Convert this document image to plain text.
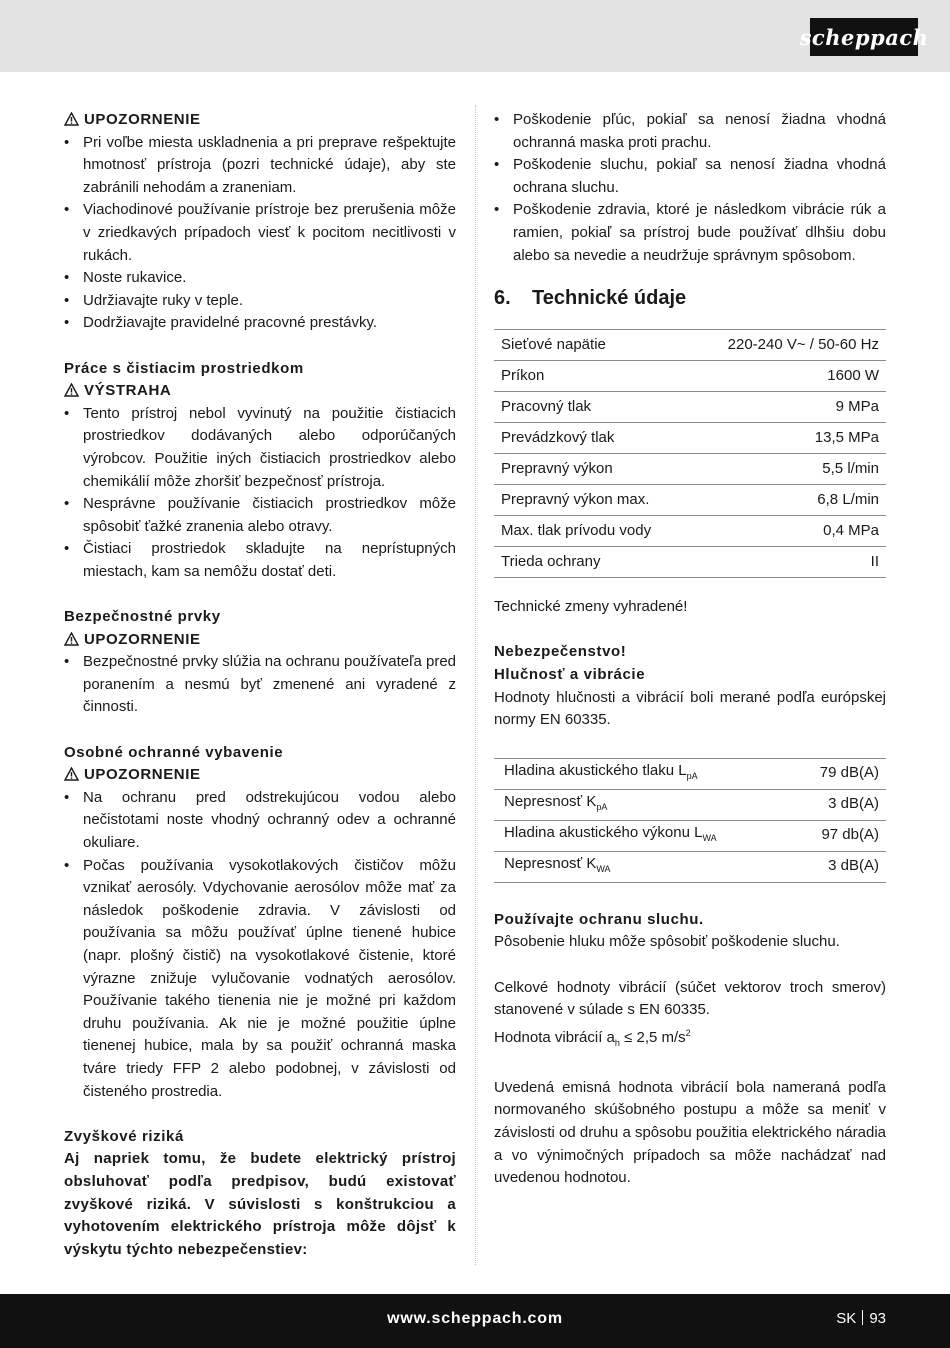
scheppach
UPOZORNENIE
• Pri voľbe miesta uskladnenia a pri preprave rešpektujte hmotnosť prístroja (pozri technické údaje), aby ste zabránili nehodám a zraneniam.
• Viachodinové používanie prístroje bez prerušenia môže v zriedkavých prípadoch viesť k pocitom necitlivosti v rukách.
• Noste rukavice.
• Udržiavajte ruky v teple.
• Dodržiavajte pravidelné pracovné prestávky.
Práce s čistiacim prostriedkom
VÝSTRAHA
• Tento prístroj nebol vyvinutý na použitie čistiacich prostriedkov dodávaných alebo odporúčaných výrobcov. Použitie iných čistiacich prostriedkov alebo chemikálií môže zhoršiť bezpečnosť prístroja.
• Nesprávne používanie čistiacich prostriedkov môže spôsobiť ťažké zranenia alebo otravy.
• Čistiaci prostriedok skladujte na neprístupných miestach, kam sa nemôžu dostať deti.
Bezpečnostné prvky
UPOZORNENIE
• Bezpečnostné prvky slúžia na ochranu používateľa pred poranením a nesmú byť zmenené ani vyradené z činnosti.
Osobné ochranné vybavenie
UPOZORNENIE
• Na ochranu pred odstrekujúcou vodou alebo nečistotami noste vhodný ochranný odev a ochranné okuliare.
• Počas používania vysokotlakových čističov môžu vznikať aerosóly. Vdychovanie aerosólov môže mať za následok poškodenie zdravia. V závislosti od používania sa môžu používať úplne tienené hubice (napr. plošný čistič) na vysokotlakové čistenie, ktoré výrazne znižuje vylučovanie vodnatých aerosólov. Používanie takého tienenia nie je možné pri každom druhu používania. Ak nie je možné použitie úplne tienenej hubice, mala by sa použiť ochranná maska tváre triedy FFP 2 alebo podobnej, v závislosti od čisteného prostredia.
Zvyškové riziká
Aj napriek tomu, že budete elektrický prístroj obsluhovať podľa predpisov, budú existovať zvyškové riziká. V súvislosti s konštrukciou a vyhotovením elektrického prístroja môže dôjsť k výskytu týchto nebezpečenstiev:
• Poškodenie pľúc, pokiaľ sa nenosí žiadna vhodná ochranná maska proti prachu.
• Poškodenie sluchu, pokiaľ sa nenosí žiadna vhodná ochrana sluchu.
• Poškodenie zdravia, ktoré je následkom vibrácie rúk a ramien, pokiaľ sa prístroj bude používať dlhšiu dobu alebo sa nevedie a neudržuje správnym spôsobom.
6. Technické údaje
Sieťové napätie	220-240 V~ / 50-60 Hz
Príkon	1600 W
Pracovný tlak	9 MPa
Prevádzkový tlak	13,5 MPa
Prepravný výkon	5,5 l/min
Prepravný výkon max.	6,8 L/min
Max. tlak prívodu vody	0,4 MPa
Trieda ochrany	II
Technické zmeny vyhradené!
Nebezpečenstvo!
Hlučnosť a vibrácie
Hodnoty hlučnosti a vibrácií boli merané podľa európskej normy EN 60335.
Hladina akustického tlaku $L_{pA}$	79 dB(A)
Nepresnosť $K_{pA}$	3 dB(A)
Hladina akustického výkonu $L_{WA}$	97 db(A)
Nepresnosť $K_{WA}$	3 dB(A)
Používajte ochranu sluchu.
Pôsobenie hluku môže spôsobiť poškodenie sluchu.
Celkové hodnoty vibrácií (súčet vektorov troch smerov) stanovené v súlade s EN 60335.
Hodnota vibrácií $a_h \le 2,5$ $m/s^2$
Uvedená emisná hodnota vibrácií bola nameraná podľa normovaného skúšobného postupu a môže sa meniť v závislosti od druhu a spôsobu použitia elektrického náradia a vo výnimočných prípadoch sa môže nachádzať nad uvedenou hodnotou.
www.scheppach.com	SK 93
